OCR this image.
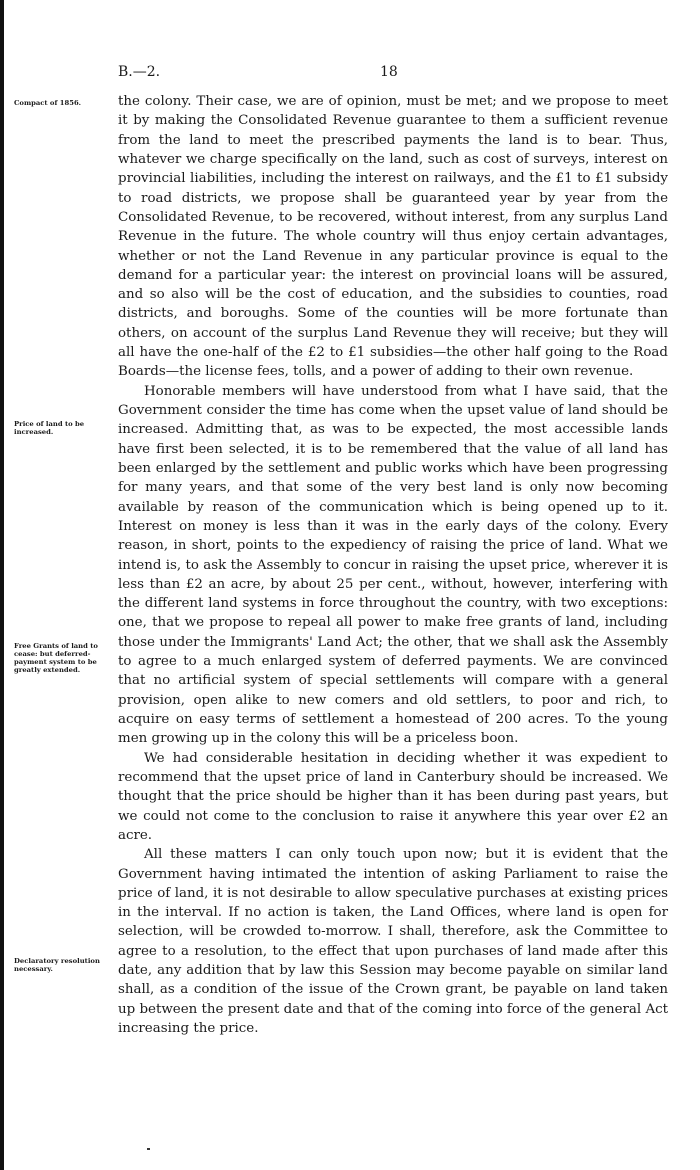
B.—2.	18
Compact of 1856.
Price of land to be increased.
Free Grants of land to cease: but deferred-payment system to be greatly extended.
Declaratory resolution necessary.

the colony. Their case, we are of opinion, must be met; and we propose to meet it by making the Consolidated Revenue guarantee to them a sufficient revenue from the land to meet the prescribed payments the land is to bear. Thus, whatever we charge specifically on the land, such as cost of surveys, interest on provincial liabilities, including the interest on railways, and the £1 to £1 subsidy to road districts, we propose shall be guaranteed year by year from the Consolidated Revenue, to be recovered, without interest, from any surplus Land Revenue in the future. The whole country will thus enjoy certain advantages, whether or not the Land Revenue in any particular province is equal to the demand for a particular year: the interest on provincial loans will be assured, and so also will be the cost of education, and the subsidies to counties, road districts, and boroughs. Some of the counties will be more fortunate than others, on account of the surplus Land Revenue they will receive; but they will all have the one-half of the £2 to £1 subsidies—the other half going to the Road Boards—the license fees, tolls, and a power of adding to their own revenue.

Honorable members will have understood from what I have said, that the Government consider the time has come when the upset value of land should be increased. Admitting that, as was to be expected, the most accessible lands have first been selected, it is to be remembered that the value of all land has been enlarged by the settlement and public works which have been progressing for many years, and that some of the very best land is only now becoming available by reason of the communication which is being opened up to it. Interest on money is less than it was in the early days of the colony. Every reason, in short, points to the expediency of raising the price of land. What we intend is, to ask the Assembly to concur in raising the upset price, wherever it is less than £2 an acre, by about 25 per cent., without, however, interfering with the different land systems in force throughout the country, with two exceptions: one, that we propose to repeal all power to make free grants of land, including those under the Immigrants' Land Act; the other, that we shall ask the Assembly to agree to a much enlarged system of deferred payments. We are convinced that no artificial system of special settlements will compare with a general provision, open alike to new comers and old settlers, to poor and rich, to acquire on easy terms of settlement a homestead of 200 acres. To the young men growing up in the colony this will be a priceless boon.

We had considerable hesitation in deciding whether it was expedient to recommend that the upset price of land in Canterbury should be increased. We thought that the price should be higher than it has been during past years, but we could not come to the conclusion to raise it anywhere this year over £2 an acre.

All these matters I can only touch upon now; but it is evident that the Government having intimated the intention of asking Parliament to raise the price of land, it is not desirable to allow speculative purchases at existing prices in the interval. If no action is taken, the Land Offices, where land is open for selection, will be crowded to-morrow. I shall, therefore, ask the Committee to agree to a resolution, to the effect that upon purchases of land made after this date, any addition that by law this Session may become payable on similar land shall, as a condition of the issue of the Crown grant, be payable on land taken up between the present date and that of the coming into force of the general Act increasing the price.
